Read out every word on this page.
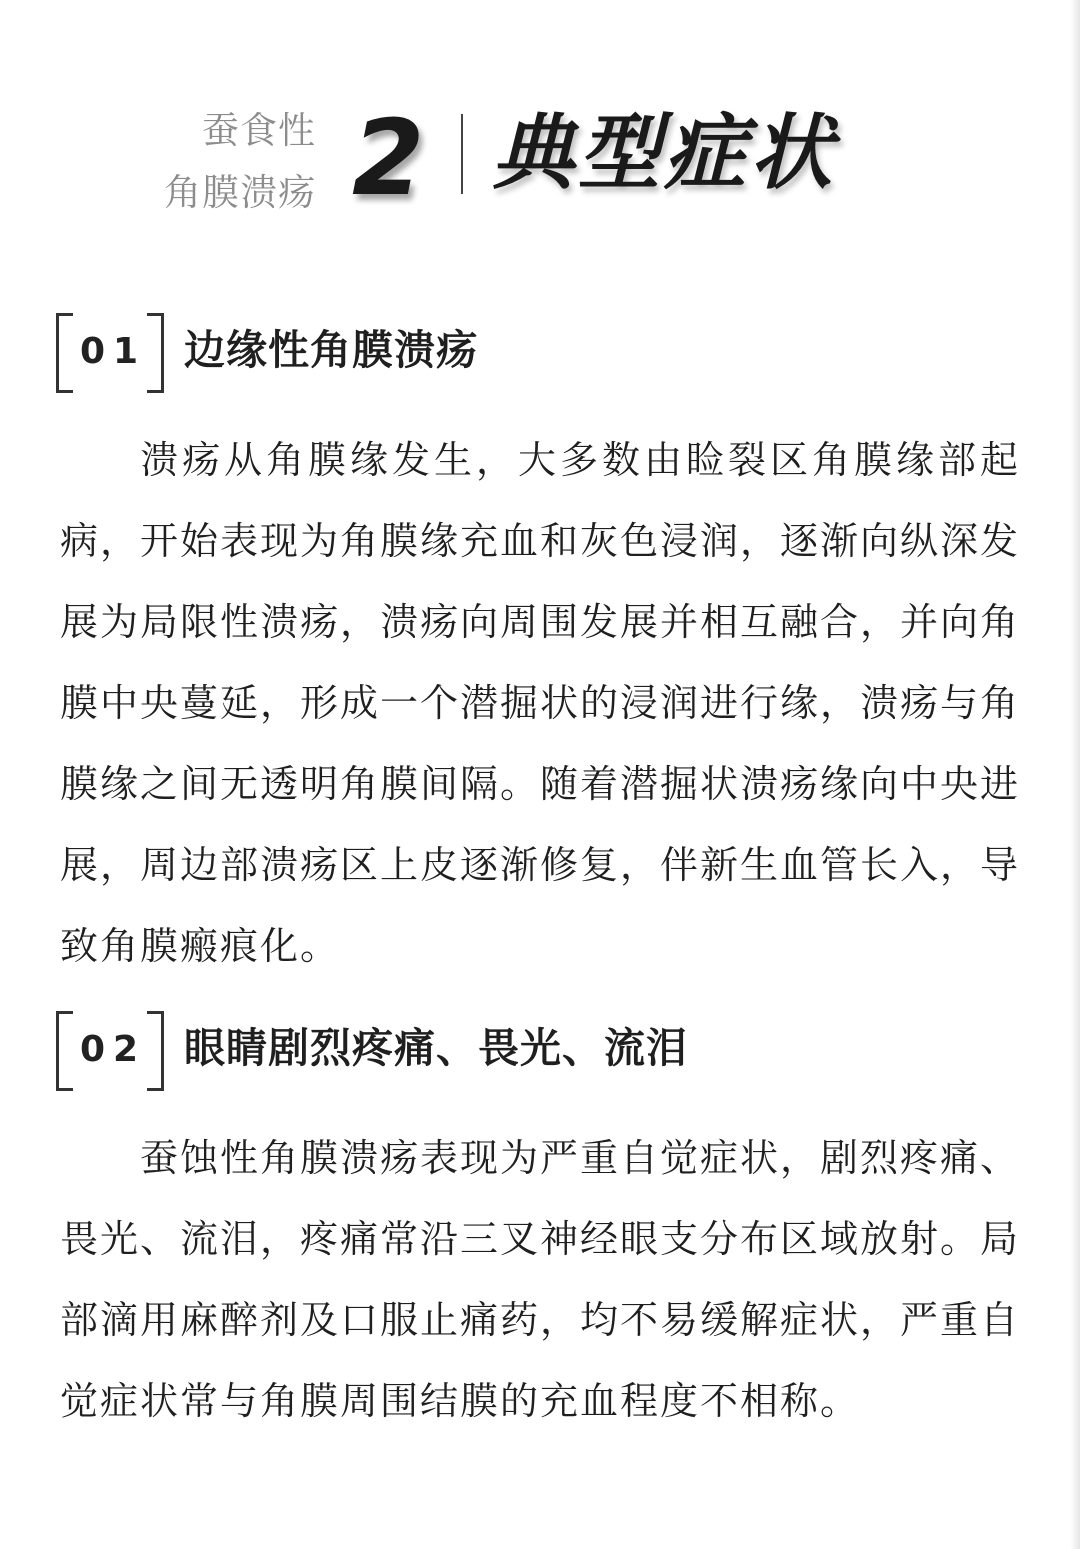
蚕食性
角膜溃疡 2 典型症状
01 边缘性角膜溃疡

溃疡从角膜缘发生，大多数由睑裂区角膜缘部起病，开始表现为角膜缘充血和灰色浸润，逐渐向纵深发展为局限性溃疡，溃疡向周围发展并相互融合，并向角膜中央蔓延，形成一个潜掘状的浸润进行缘，溃疡与角膜缘之间无透明角膜间隔。随着潜掘状溃疡缘向中央进展，周边部溃疡区上皮逐渐修复，伴新生血管长入，导致角膜瘢痕化。

02 眼睛剧烈疼痛、畏光、流泪

蚕蚀性角膜溃疡表现为严重自觉症状，剧烈疼痛、畏光、流泪，疼痛常沿三叉神经眼支分布区域放射。局部滴用麻醉剂及口服止痛药，均不易缓解症状，严重自觉症状常与角膜周围结膜的充血程度不相称。
